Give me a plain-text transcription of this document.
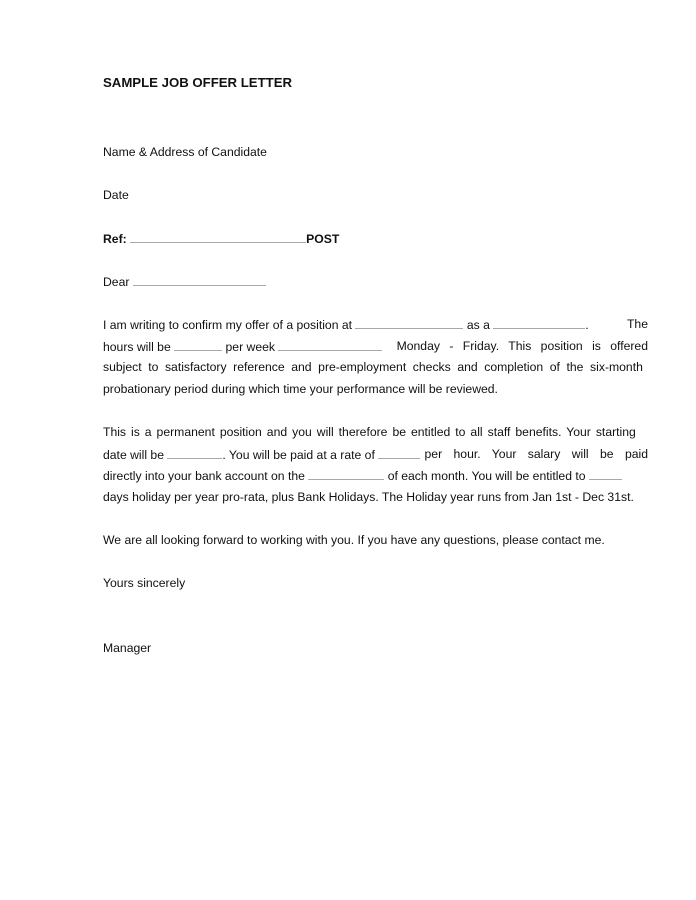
SAMPLE JOB OFFER LETTER
Name & Address of Candidate
Date
Ref:	POST
Dear
I am writing to confirm my offer of a position at	as a	.	The
hours will be	per week	Monday - Friday. This position is offered
subject to satisfactory reference and pre-employment checks and completion of the six-month
probationary period during which time your performance will be reviewed.
This is a permanent position and you will therefore be entitled to all staff benefits. Your starting
date will be	. You will be paid at a rate of	per hour. Your salary will be paid
directly into your bank account on the	of each month. You will be entitled to
days holiday per year pro-rata, plus Bank Holidays. The Holiday year runs from Jan 1st - Dec 31st.
We are all looking forward to working with you. If you have any questions, please contact me.
Yours sincerely
Manager
